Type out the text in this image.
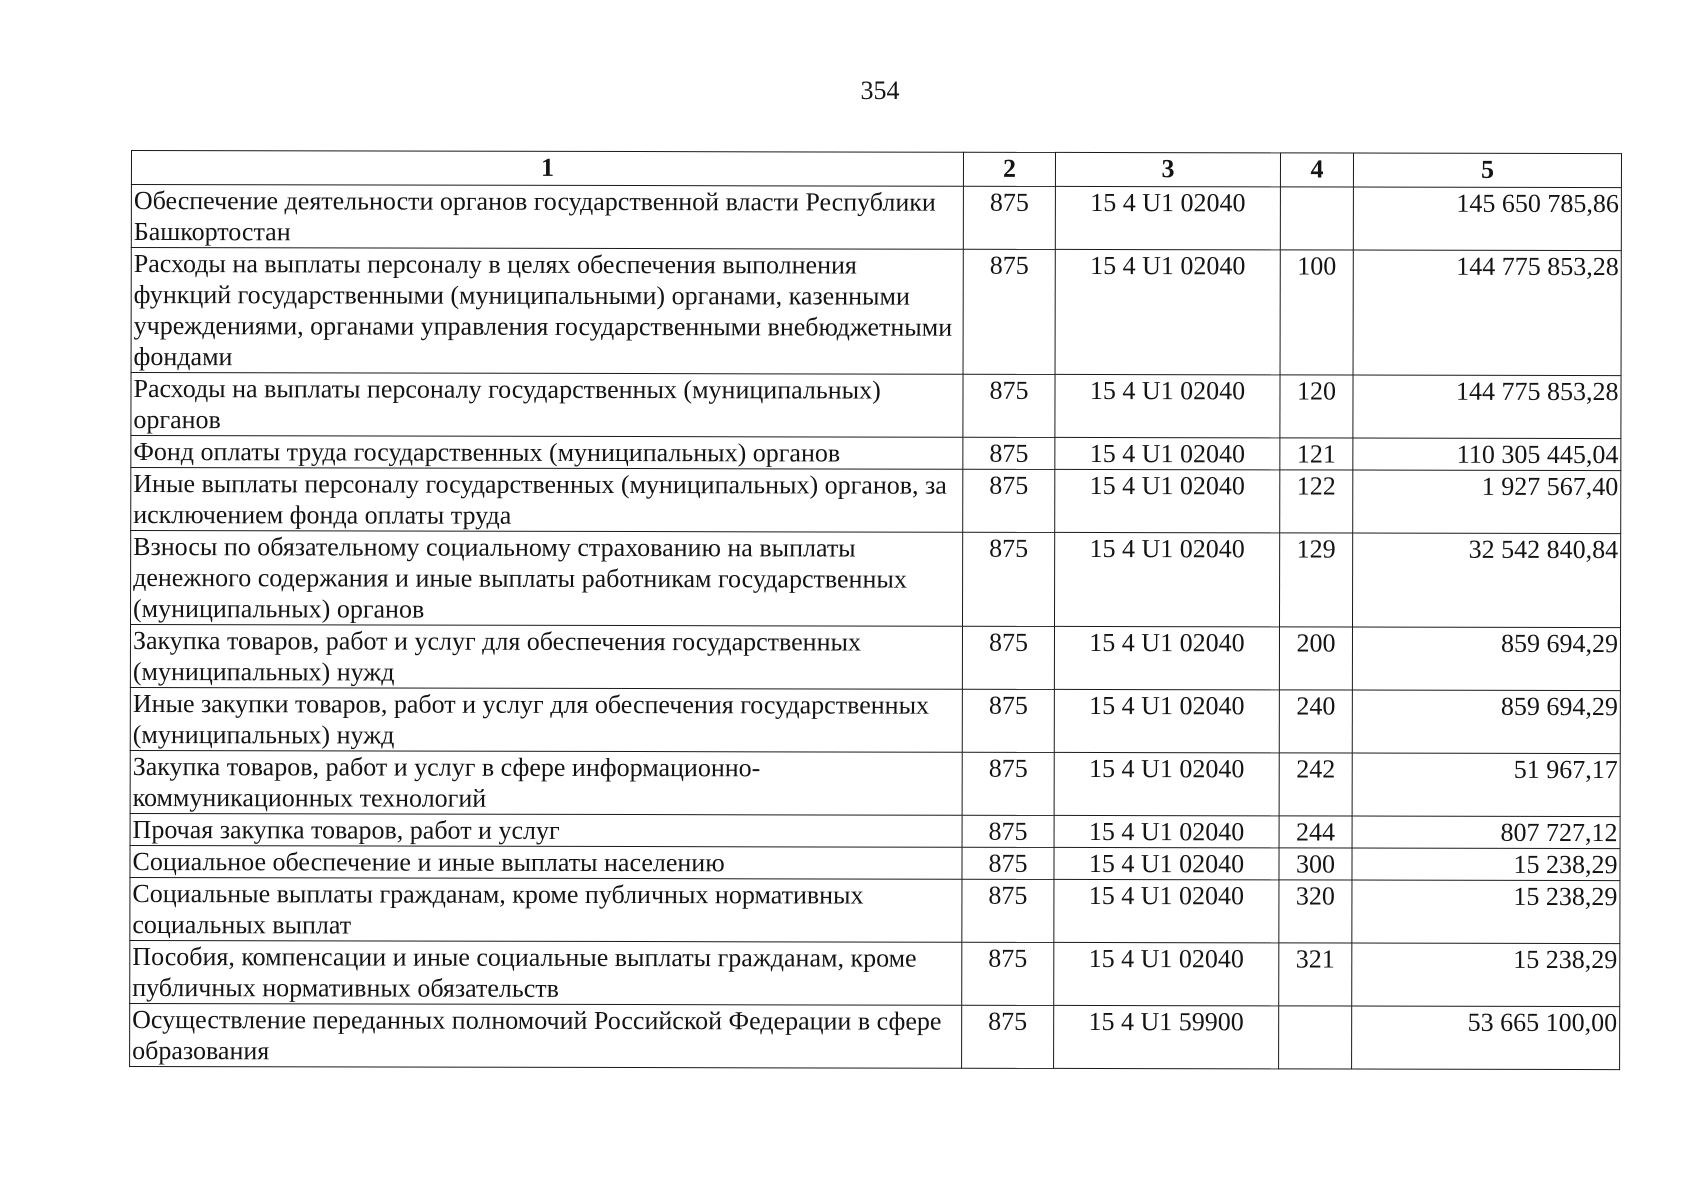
354
1	2	3	4	5
Обеспечение деятельности органов государственной власти Республики Башкортостан	875	15 4 U1 02040		145 650 785,86
Расходы на выплаты персоналу в целях обеспечения выполнения функций государственными (муниципальными) органами, казенными учреждениями, органами управления государственными внебюджетными фондами	875	15 4 U1 02040	100	144 775 853,28
Расходы на выплаты персоналу государственных (муниципальных) органов	875	15 4 U1 02040	120	144 775 853,28
Фонд оплаты труда государственных (муниципальных) органов	875	15 4 U1 02040	121	110 305 445,04
Иные выплаты персоналу государственных (муниципальных) органов, за исключением фонда оплаты труда	875	15 4 U1 02040	122	1 927 567,40
Взносы по обязательному социальному страхованию на выплаты денежного содержания и иные выплаты работникам государственных (муниципальных) органов	875	15 4 U1 02040	129	32 542 840,84
Закупка товаров, работ и услуг для обеспечения государственных (муниципальных) нужд	875	15 4 U1 02040	200	859 694,29
Иные закупки товаров, работ и услуг для обеспечения государственных (муниципальных) нужд	875	15 4 U1 02040	240	859 694,29
Закупка товаров, работ и услуг в сфере информационно-коммуникационных технологий	875	15 4 U1 02040	242	51 967,17
Прочая закупка товаров, работ и услуг	875	15 4 U1 02040	244	807 727,12
Социальное обеспечение и иные выплаты населению	875	15 4 U1 02040	300	15 238,29
Социальные выплаты гражданам, кроме публичных нормативных социальных выплат	875	15 4 U1 02040	320	15 238,29
Пособия, компенсации и иные социальные выплаты гражданам, кроме публичных нормативных обязательств	875	15 4 U1 02040	321	15 238,29
Осуществление переданных полномочий Российской Федерации в сфере образования	875	15 4 U1 59900		53 665 100,00
